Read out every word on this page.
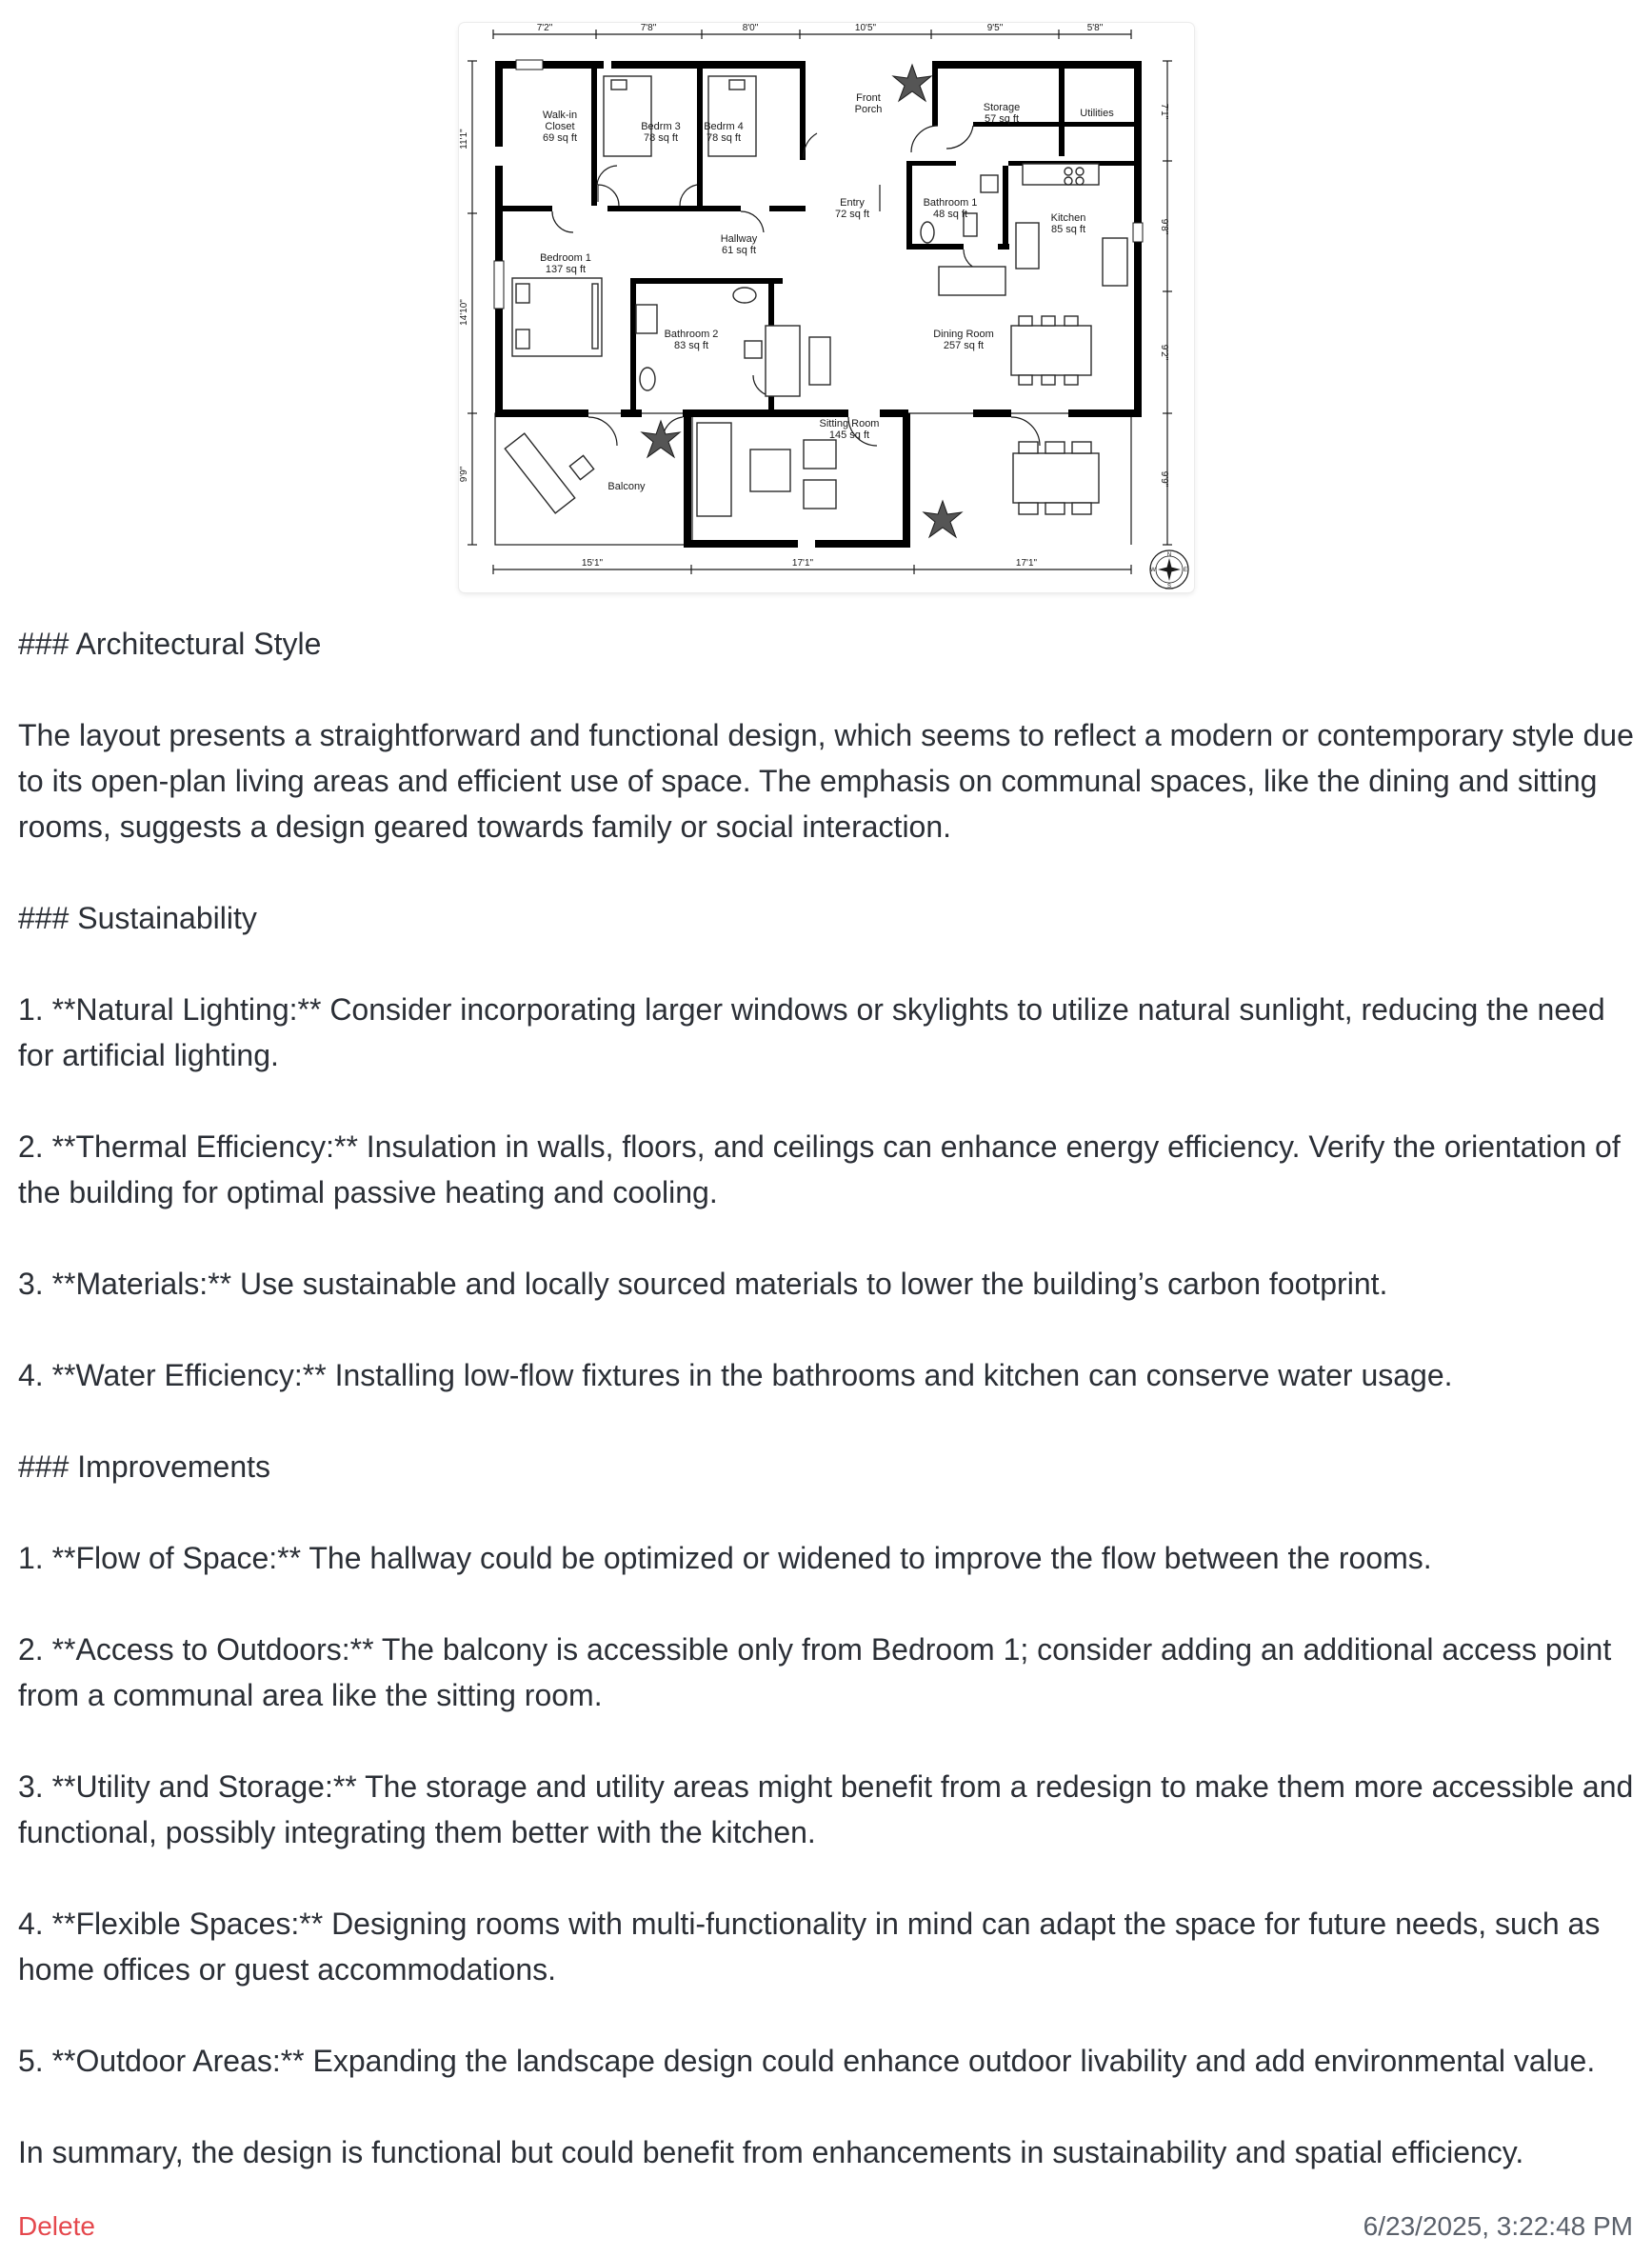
7'2"	7'8"	8'0"	10'5"	9'5"	5'8"
11'1"
14'10"
9'9"
7'1"
9'8"
9'2"
9'9"
15'1"	17'1"	17'1"
Walk-in
Closet
69 sq ft
Bedrm 3
78 sq ft
Bedrm 4
78 sq ft
Front
Porch	Storage
57 sq ft	Utilities
Entry
72 sq ft
Bathroom 1
48 sq ft	Kitchen
85 sq ft
Hallway
61 sq ft
Bedroom 1
137 sq ft
Bathroom 2
83 sq ft
Dining Room
257 sq ft
Sitting Room
145 sq ft
Balcony
N
E
S
W

### Architectural Style

The layout presents a straightforward and functional design, which seems to reflect a modern or contemporary style due to its open-plan living areas and efficient use of space. The emphasis on communal spaces, like the dining and sitting rooms, suggests a design geared towards family or social interaction.

### Sustainability

1. **Natural Lighting:** Consider incorporating larger windows or skylights to utilize natural sunlight, reducing the need for artificial lighting.

2. **Thermal Efficiency:** Insulation in walls, floors, and ceilings can enhance energy efficiency. Verify the orientation of the building for optimal passive heating and cooling.

3. **Materials:** Use sustainable and locally sourced materials to lower the building’s carbon footprint.

4. **Water Efficiency:** Installing low-flow fixtures in the bathrooms and kitchen can conserve water usage.

### Improvements

1. **Flow of Space:** The hallway could be optimized or widened to improve the flow between the rooms.

2. **Access to Outdoors:** The balcony is accessible only from Bedroom 1; consider adding an additional access point from a communal area like the sitting room.

3. **Utility and Storage:** The storage and utility areas might benefit from a redesign to make them more accessible and functional, possibly integrating them better with the kitchen.

4. **Flexible Spaces:** Designing rooms with multi-functionality in mind can adapt the space for future needs, such as home offices or guest accommodations.

5. **Outdoor Areas:** Expanding the landscape design could enhance outdoor livability and add environmental value.

In summary, the design is functional but could benefit from enhancements in sustainability and spatial efficiency.

Delete	6/23/2025, 3:22:48 PM
